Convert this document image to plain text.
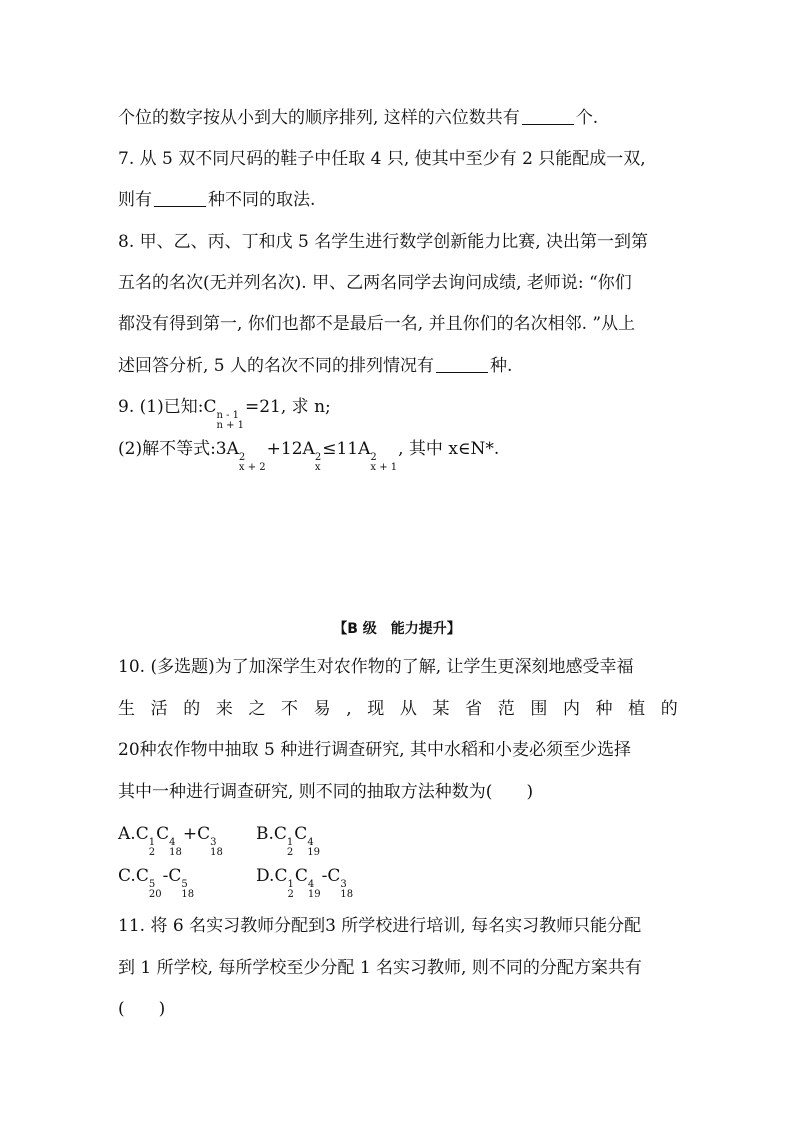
个位的数字按从小到大的顺序排列, 这样的六位数共有	个.
7. 从 5 双不同尺码的鞋子中任取 4 只, 使其中至少有 2 只能配成一双,
则有	种不同的取法.
8. 甲、乙、丙、丁和戊 5 名学生进行数学创新能力比赛, 决出第一到第
五名的名次(无并列名次). 甲、乙两名同学去询问成绩, 老师说: “你们
都没有得到第一, 你们也都不是最后一名, 并且你们的名次相邻. ”从上
述回答分析, 5 人的名次不同的排列情况有	种.
9. (1)已知:C n - 1
n + 1
=21, 求 n;
(2)解不等式:3A 2
x + 2
+12A 2
x
≤11A 2
x + 1
, 其中 x∈N*.
【B 级　能力提升】
10. (多选题)为了加深学生对农作物的了解, 让学生更深刻地感受幸福
生 活 的 来 之 不 易 , 现 从 某 省 范 围 内 种 植 的
20种农作物中抽取 5 种进行调查研究, 其中水稻和小麦必须至少选择
其中一种进行调查研究, 则不同的抽取方法种数为(　　)
A.C 1
2
C 4
18
+C 3
18
B.C 1
2
C 4
19
C.C 5
20
-C 5
18
D.C 1
2
C 4
19
-C 3
18
11. 将 6 名实习教师分配到3 所学校进行培训, 每名实习教师只能分配
到 1 所学校, 每所学校至少分配 1 名实习教师, 则不同的分配方案共有
(　　)
